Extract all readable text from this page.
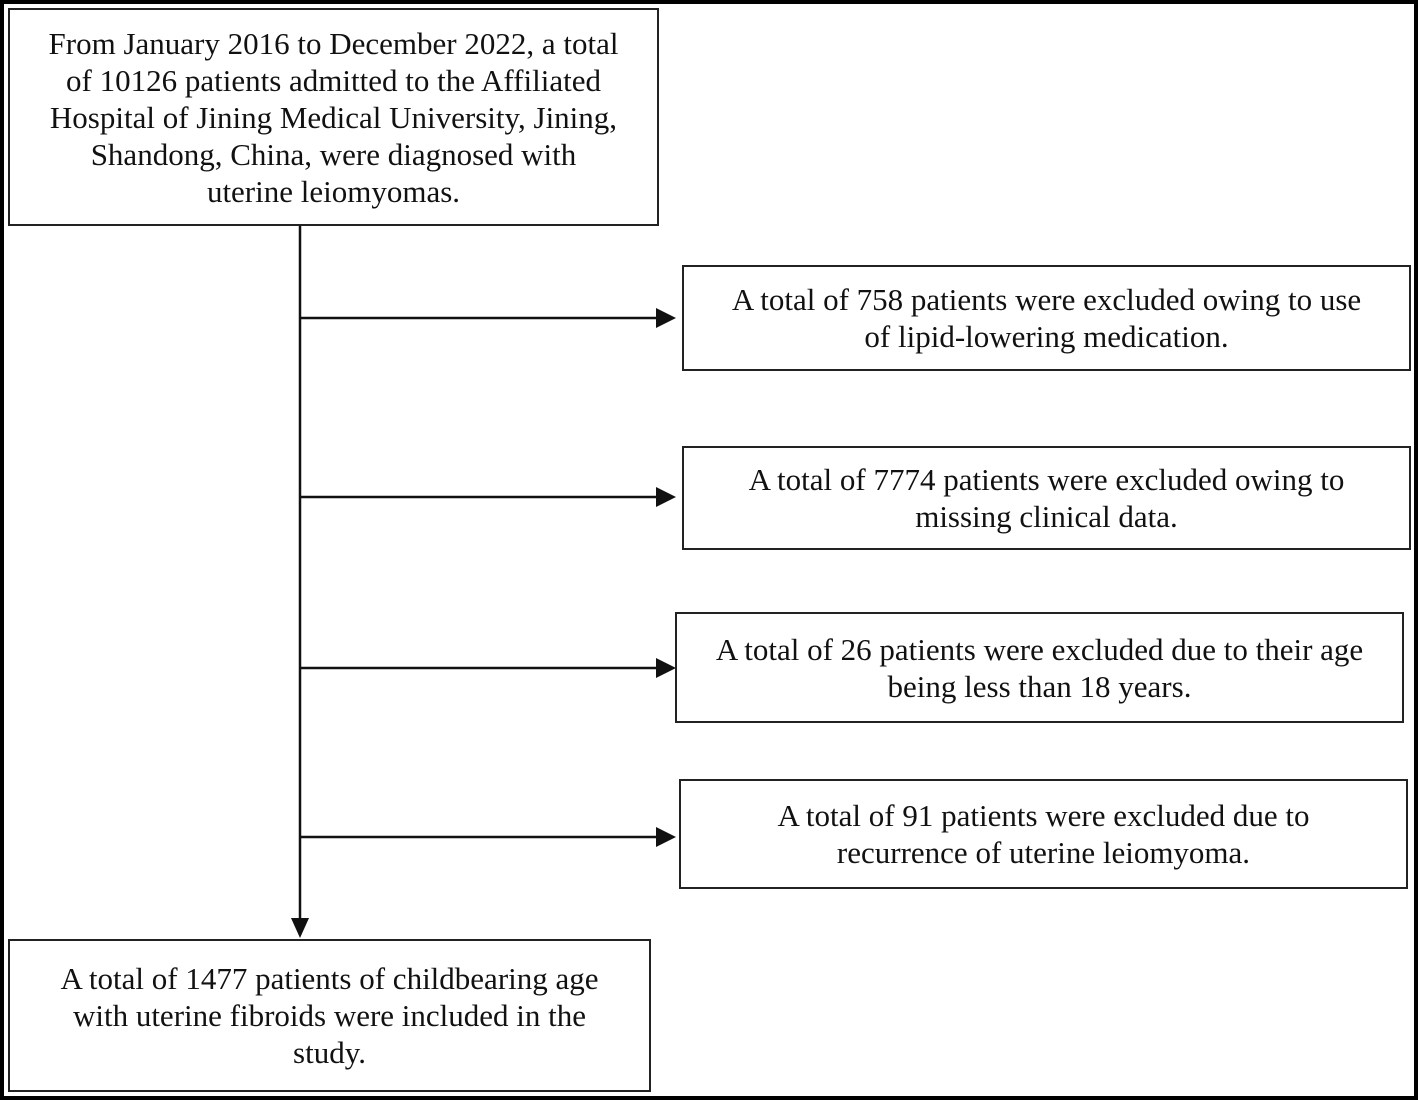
From January 2016 to December 2022, a total
of 10126 patients admitted to the Affiliated
Hospital of Jining Medical University, Jining,
Shandong, China, were diagnosed with
uterine leiomyomas.
A total of 758 patients were excluded owing to use
of lipid-lowering medication.
A total of 7774 patients were excluded owing to
missing clinical data.
A total of 26 patients were excluded due to their age
being less than 18 years.
A total of 91 patients were excluded due to
recurrence of uterine leiomyoma.
A total of 1477 patients of childbearing age
with uterine fibroids were included in the
study.
